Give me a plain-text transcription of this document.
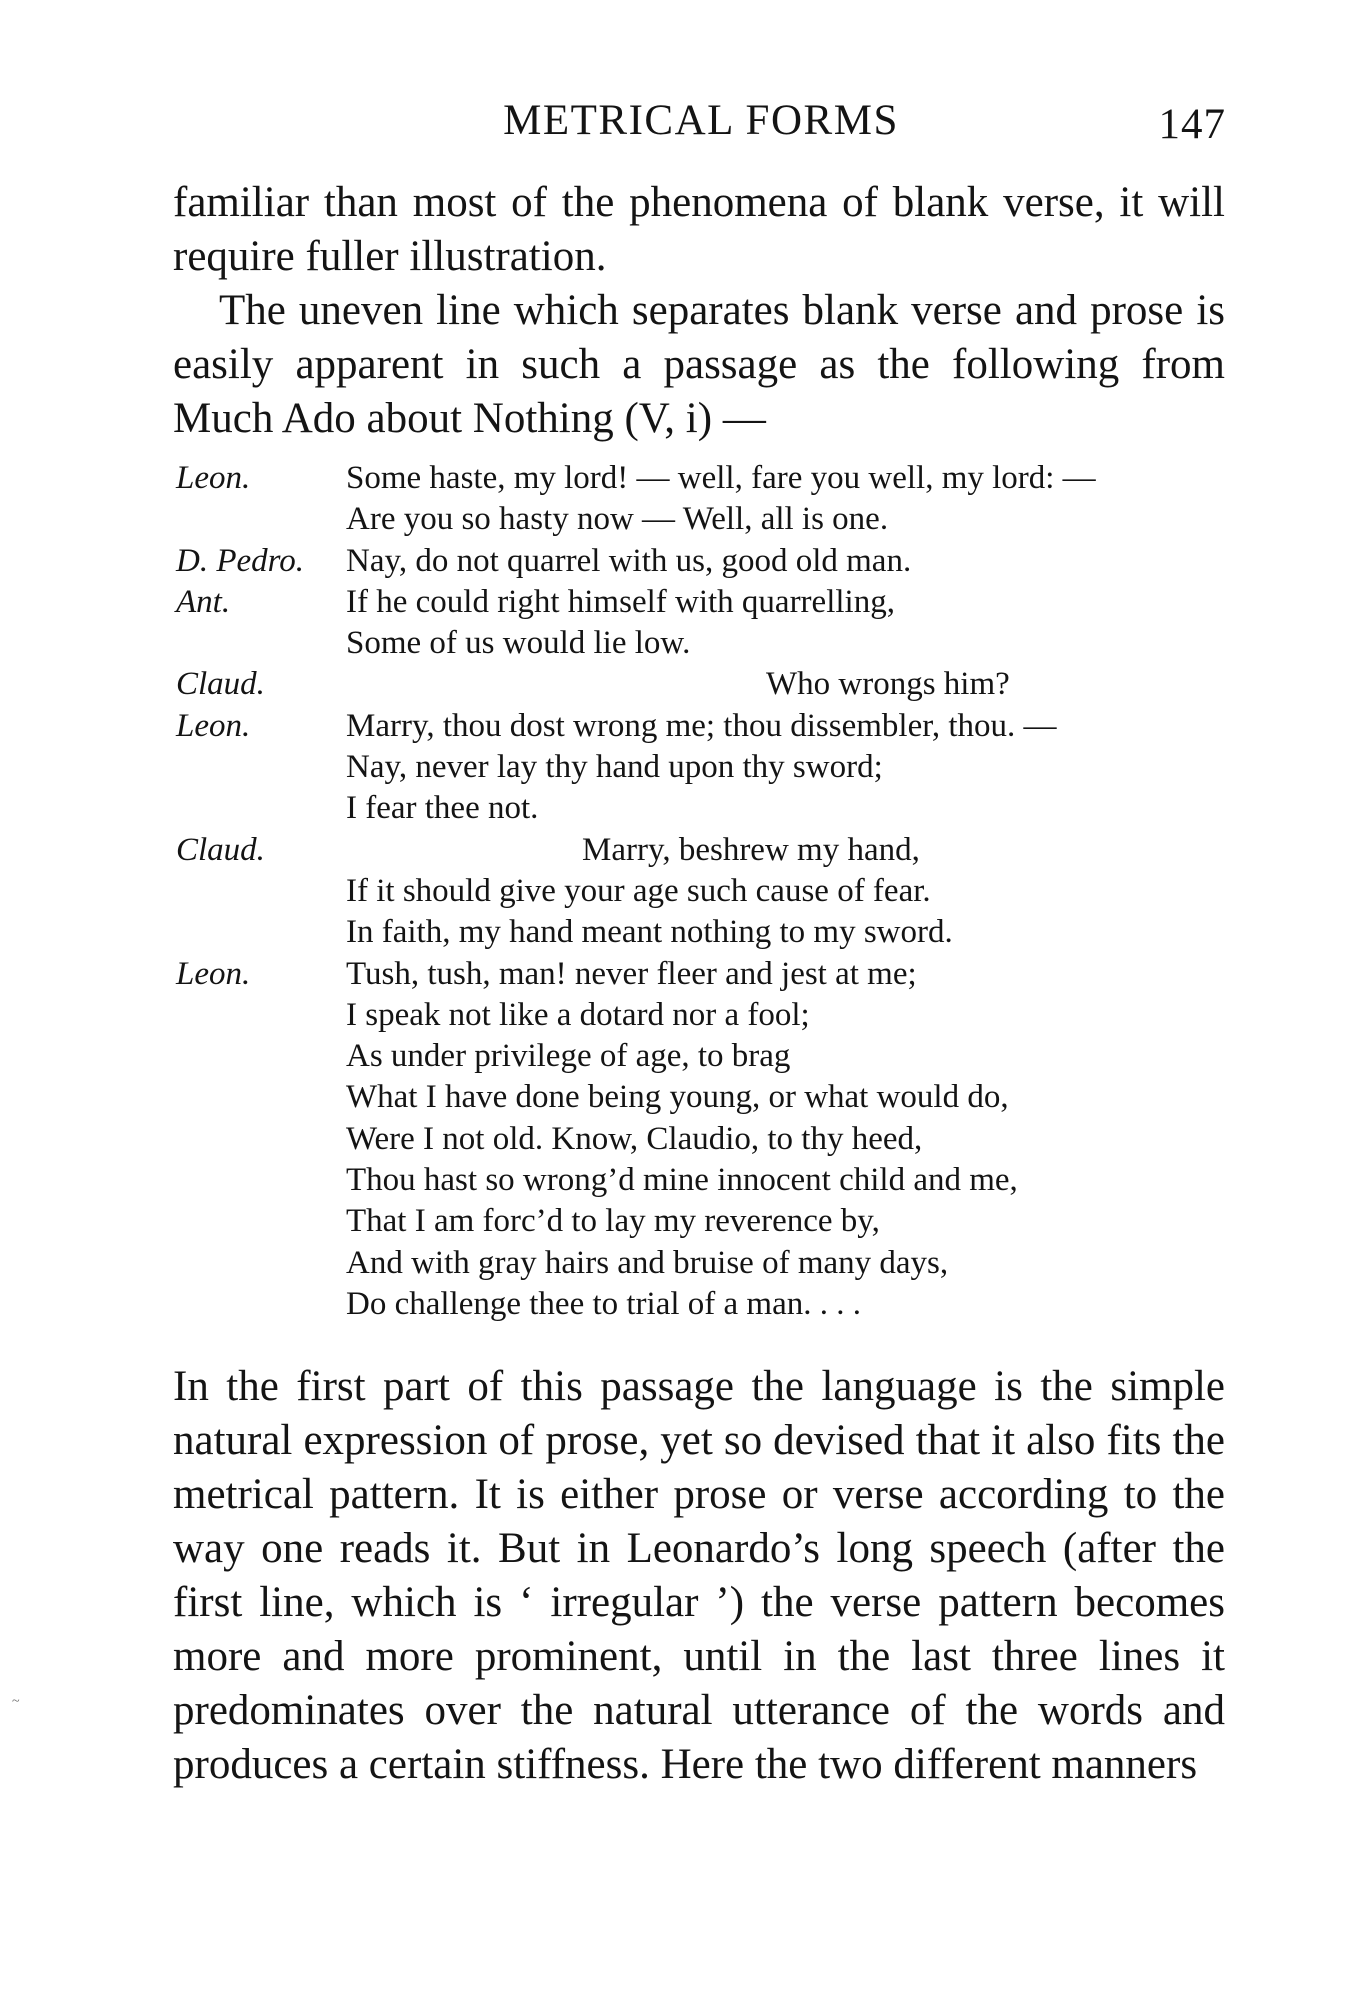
METRICAL FORMS	147

familiar than most of the phenomena of blank verse, it will require fuller illustration.

The uneven line which separates blank verse and prose is easily apparent in such a passage as the following from Much Ado about Nothing (V, i) —

Leon.	Some haste, my lord! — well, fare you well, my lord: —
Are you so hasty now — Well, all is one.
D. Pedro.	Nay, do not quarrel with us, good old man.
Ant.	If he could right himself with quarrelling,
Some of us would lie low.
Claud.	Who wrongs him?
Leon.	Marry, thou dost wrong me; thou dissembler, thou. —
Nay, never lay thy hand upon thy sword;
I fear thee not.
Claud.	Marry, beshrew my hand,
If it should give your age such cause of fear.
In faith, my hand meant nothing to my sword.
Leon.	Tush, tush, man! never fleer and jest at me;
I speak not like a dotard nor a fool;
As under privilege of age, to brag
What I have done being young, or what would do,
Were I not old. Know, Claudio, to thy heed,
Thou hast so wrong’d mine innocent child and me,
That I am forc’d to lay my reverence by,
And with gray hairs and bruise of many days,
Do challenge thee to trial of a man. . . .

In the first part of this passage the language is the simple natural expression of prose, yet so devised that it also fits the metrical pattern. It is either prose or verse according to the way one reads it. But in Leonardo’s long speech (after the first line, which is ‘ irregular ’) the verse pattern becomes more and more prominent, until in the last three lines it predominates over the natural utterance of the words and produces a certain stiffness. Here the two different manners

~
